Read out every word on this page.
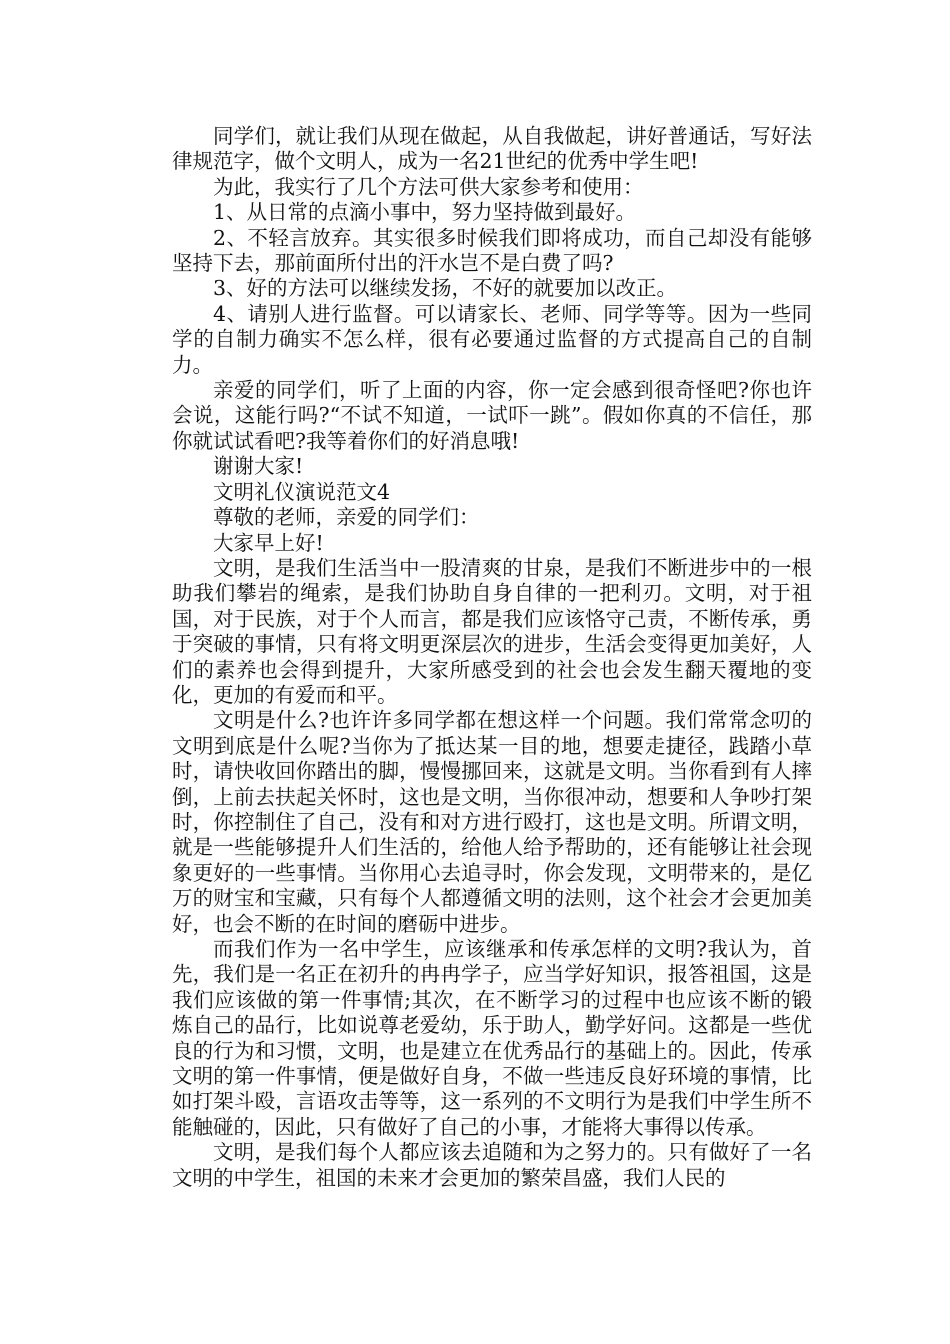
同学们，就让我们从现在做起，从自我做起，讲好普通话，写好法律规范字，做个文明人，成为一名21世纪的优秀中学生吧!

为此，我实行了几个方法可供大家参考和使用：

1、从日常的点滴小事中，努力坚持做到最好。

2、不轻言放弃。其实很多时候我们即将成功，而自己却没有能够坚持下去，那前面所付出的汗水岂不是白费了吗?

3、好的方法可以继续发扬，不好的就要加以改正。

4、请别人进行监督。可以请家长、老师、同学等等。因为一些同学的自制力确实不怎么样，很有必要通过监督的方式提高自己的自制力。

亲爱的同学们，听了上面的内容，你一定会感到很奇怪吧?你也许会说，这能行吗?“不试不知道，一试吓一跳”。假如你真的不信任，那你就试试看吧?我等着你们的好消息哦!

谢谢大家!

文明礼仪演说范文4

尊敬的老师，亲爱的同学们：

大家早上好!

文明，是我们生活当中一股清爽的甘泉，是我们不断进步中的一根助我们攀岩的绳索，是我们协助自身自律的一把利刃。文明，对于祖国，对于民族，对于个人而言，都是我们应该恪守己责，不断传承，勇于突破的事情，只有将文明更深层次的进步，生活会变得更加美好，人们的素养也会得到提升，大家所感受到的社会也会发生翻天覆地的变化，更加的有爱而和平。

文明是什么?也许许多同学都在想这样一个问题。我们常常念叨的文明到底是什么呢?当你为了抵达某一目的地，想要走捷径，践踏小草时，请快收回你踏出的脚，慢慢挪回来，这就是文明。当你看到有人摔倒，上前去扶起关怀时，这也是文明，当你很冲动，想要和人争吵打架时，你控制住了自己，没有和对方进行殴打，这也是文明。所谓文明，就是一些能够提升人们生活的，给他人给予帮助的，还有能够让社会现象更好的一些事情。当你用心去追寻时，你会发现，文明带来的，是亿万的财宝和宝藏，只有每个人都遵循文明的法则，这个社会才会更加美好，也会不断的在时间的磨砺中进步。

而我们作为一名中学生，应该继承和传承怎样的文明?我认为，首先，我们是一名正在初升的冉冉学子，应当学好知识，报答祖国，这是我们应该做的第一件事情;其次，在不断学习的过程中也应该不断的锻炼自己的品行，比如说尊老爱幼，乐于助人，勤学好问。这都是一些优良的行为和习惯，文明，也是建立在优秀品行的基础上的。因此，传承文明的第一件事情，便是做好自身，不做一些违反良好环境的事情，比如打架斗殴，言语攻击等等，这一系列的不文明行为是我们中学生所不能触碰的，因此，只有做好了自己的小事，才能将大事得以传承。

文明，是我们每个人都应该去追随和为之努力的。只有做好了一名文明的中学生，祖国的未来才会更加的繁荣昌盛，我们人民的
